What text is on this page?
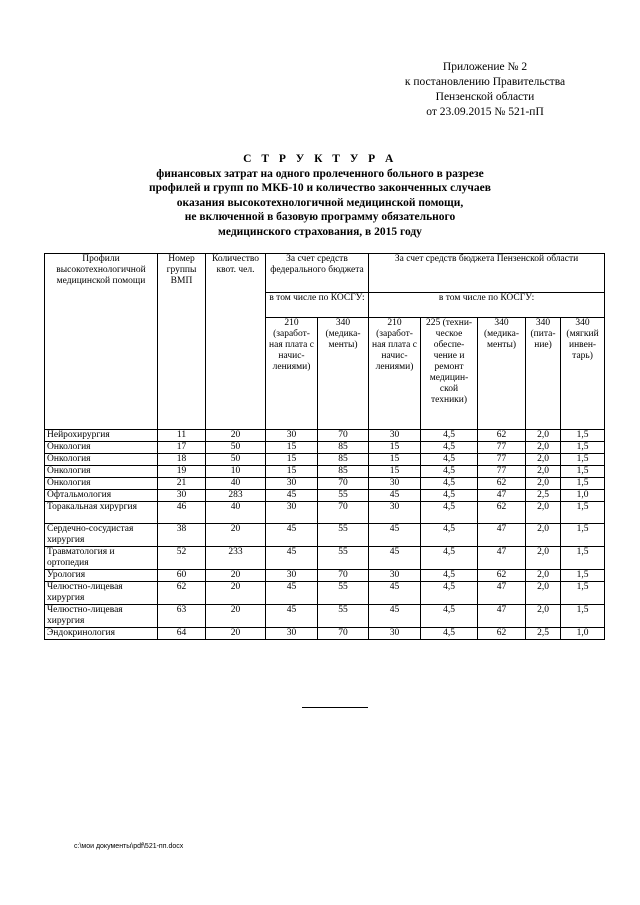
Приложение № 2
к постановлению Правительства
Пензенской области
от 23.09.2015 № 521-пП
С Т Р У К Т У Р А
финансовых затрат на одного пролеченного больного в разрезе
профилей и групп по МКБ-10 и количество законченных случаев
оказания высокотехнологичной медицинской помощи,
не включенной в базовую программу обязательного
медицинского страхования, в 2015 году
Профили высокотехнологичной медицинской помощи	Номер группы ВМП	Количество квот. чел.	За счет средств федерального бюджета		За счет средств бюджета Пензенской области				
			в том числе по КОСГУ:		в том числе по КОСГУ:				
			210 (заработ-ная плата с начис-лениями)	340 (медика-менты)	210 (заработ-ная плата с начис-лениями)	225 (техни-ческое обеспе-чение и ремонт медицин-ской техники)	340 (медика-менты)	340 (пита-ние)	340 (мягкий инвен-тарь)
Нейрохирургия	11	20	30	70	30	4,5	62	2,0	1,5
Онкология	17	50	15	85	15	4,5	77	2,0	1,5
Онкология	18	50	15	85	15	4,5	77	2,0	1,5
Онкология	19	10	15	85	15	4,5	77	2,0	1,5
Онкология	21	40	30	70	30	4,5	62	2,0	1,5
Офтальмология	30	283	45	55	45	4,5	47	2,5	1,0
Торакальная хирургия	46	40	30	70	30	4,5	62	2,0	1,5
Сердечно-сосудистая хирургия	38	20	45	55	45	4,5	47	2,0	1,5
Травматология и ортопедия	52	233	45	55	45	4,5	47	2,0	1,5
Урология	60	20	30	70	30	4,5	62	2,0	1,5
Челюстно-лицевая хирургия	62	20	45	55	45	4,5	47	2,0	1,5
Челюстно-лицевая хирургия	63	20	45	55	45	4,5	47	2,0	1,5
Эндокринология	64	20	30	70	30	4,5	62	2,5	1,0
c:\мои документы\pdf\521-пп.docx
